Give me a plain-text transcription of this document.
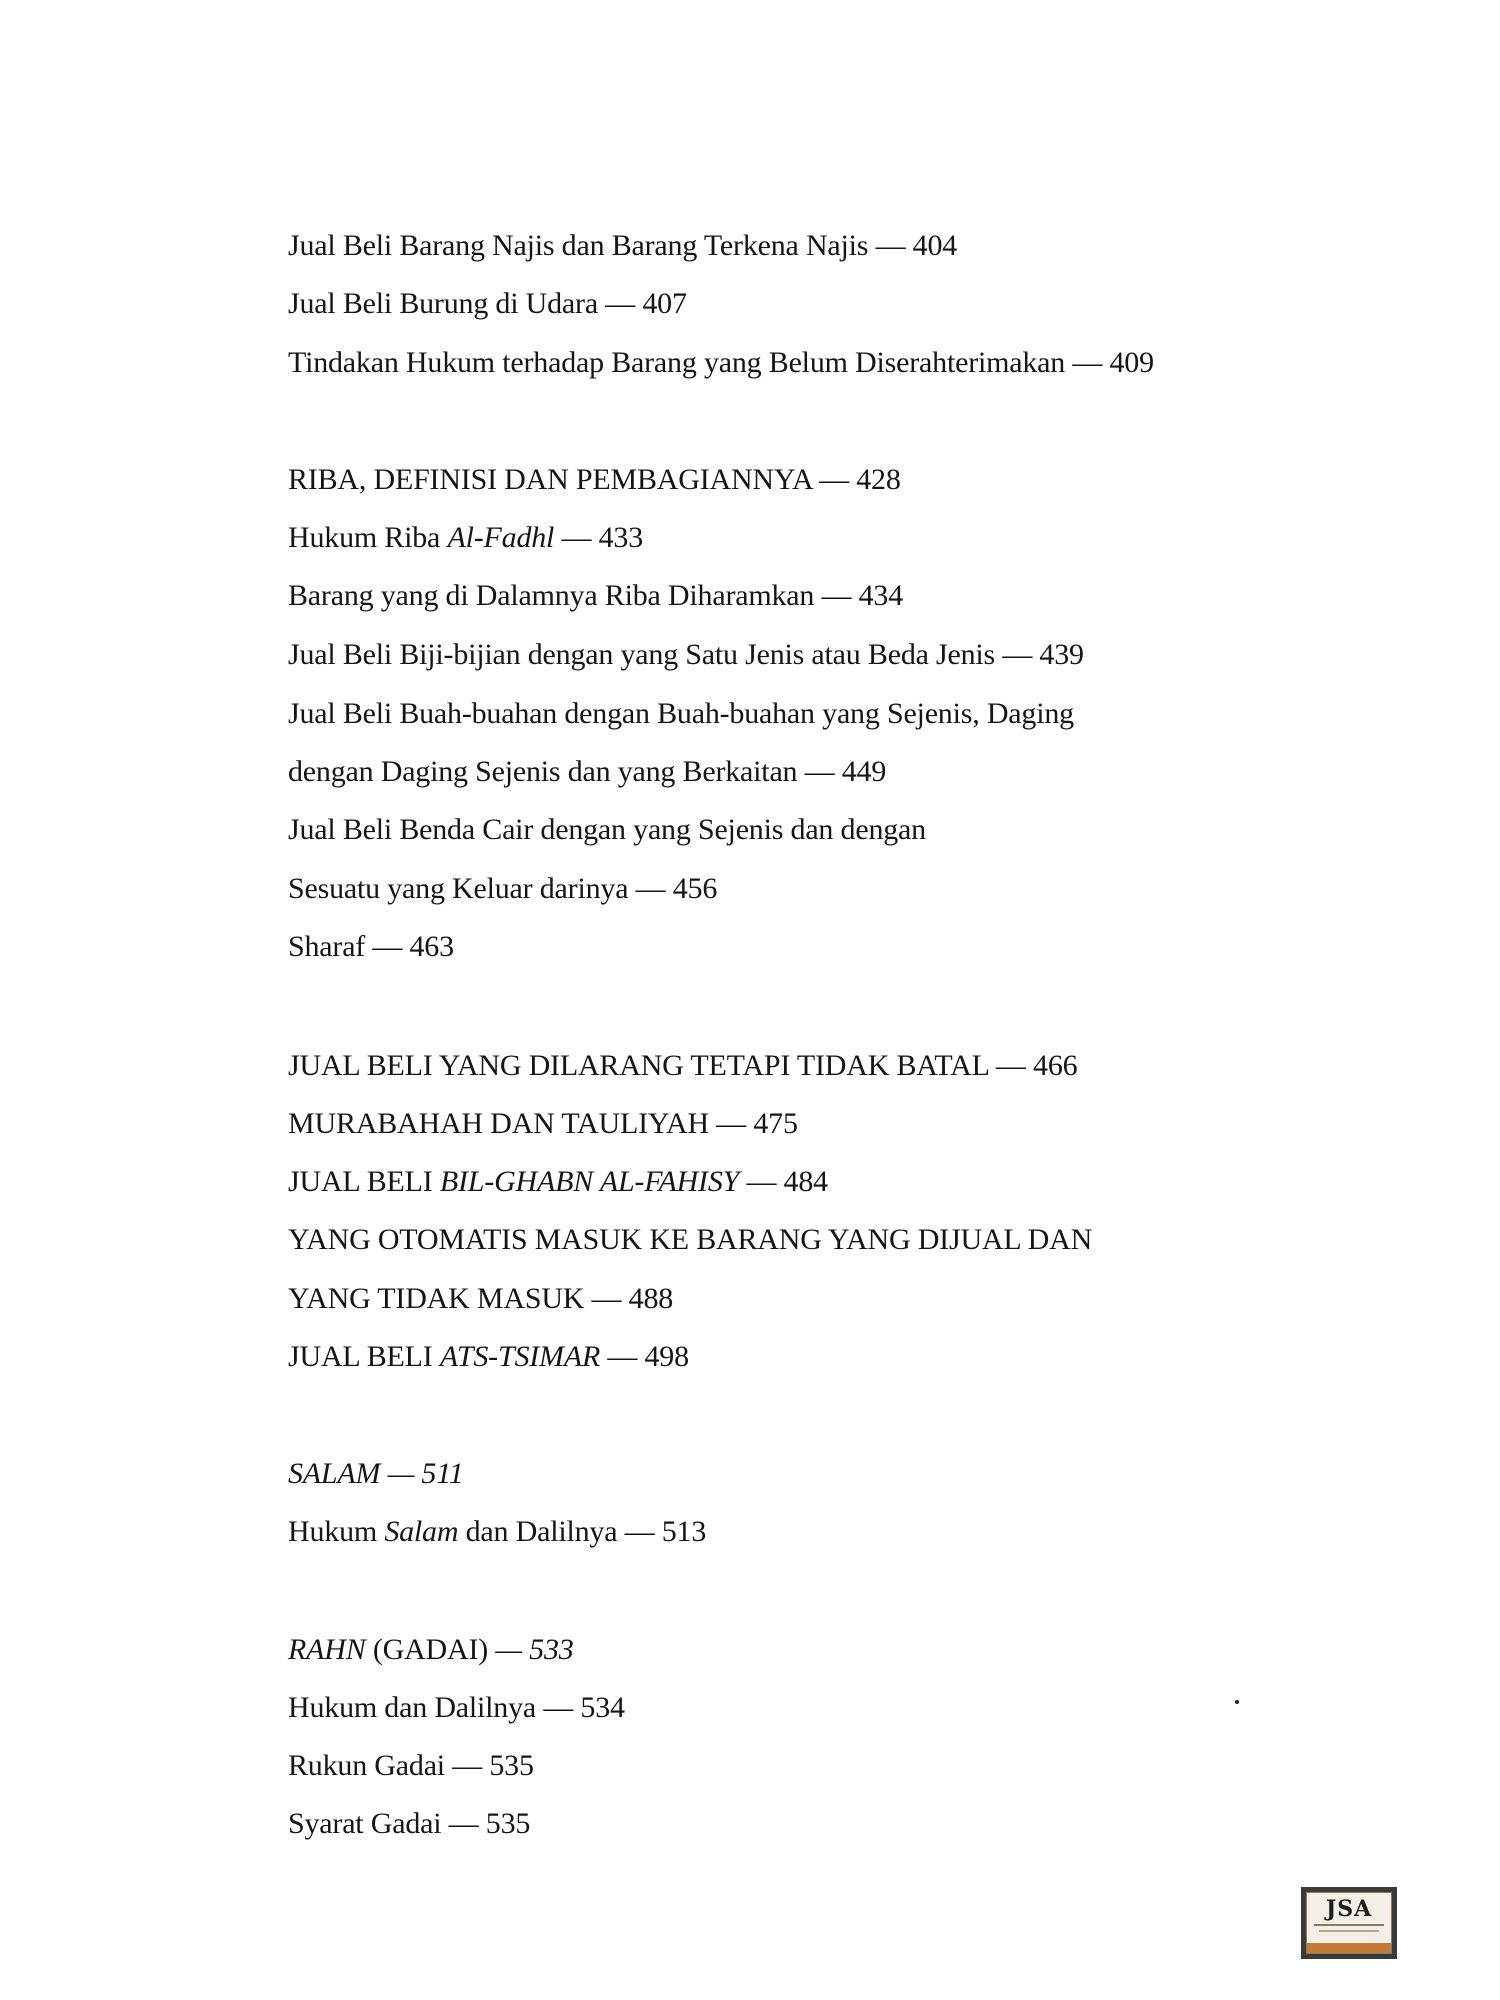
Jual Beli Barang Najis dan Barang Terkena Najis — 404
Jual Beli Burung di Udara — 407
Tindakan Hukum terhadap Barang yang Belum Diserahterimakan — 409
RIBA, DEFINISI DAN PEMBAGIANNYA — 428
Hukum Riba Al-Fadhl — 433
Barang yang di Dalamnya Riba Diharamkan — 434
Jual Beli Biji-bijian dengan yang Satu Jenis atau Beda Jenis — 439
Jual Beli Buah-buahan dengan Buah-buahan yang Sejenis, Daging
dengan Daging Sejenis dan yang Berkaitan — 449
Jual Beli Benda Cair dengan yang Sejenis dan dengan
Sesuatu yang Keluar darinya — 456
Sharaf — 463
JUAL BELI YANG DILARANG TETAPI TIDAK BATAL — 466
MURABAHAH DAN TAULIYAH — 475
JUAL BELI BIL-GHABN AL-FAHISY — 484
YANG OTOMATIS MASUK KE BARANG YANG DIJUAL DAN
YANG TIDAK MASUK — 488
JUAL BELI ATS-TSIMAR — 498
SALAM — 511
Hukum Salam dan Dalilnya — 513
RAHN (GADAI) — 533
Hukum dan Dalilnya — 534
Rukun Gadai — 535
Syarat Gadai — 535
JSA
